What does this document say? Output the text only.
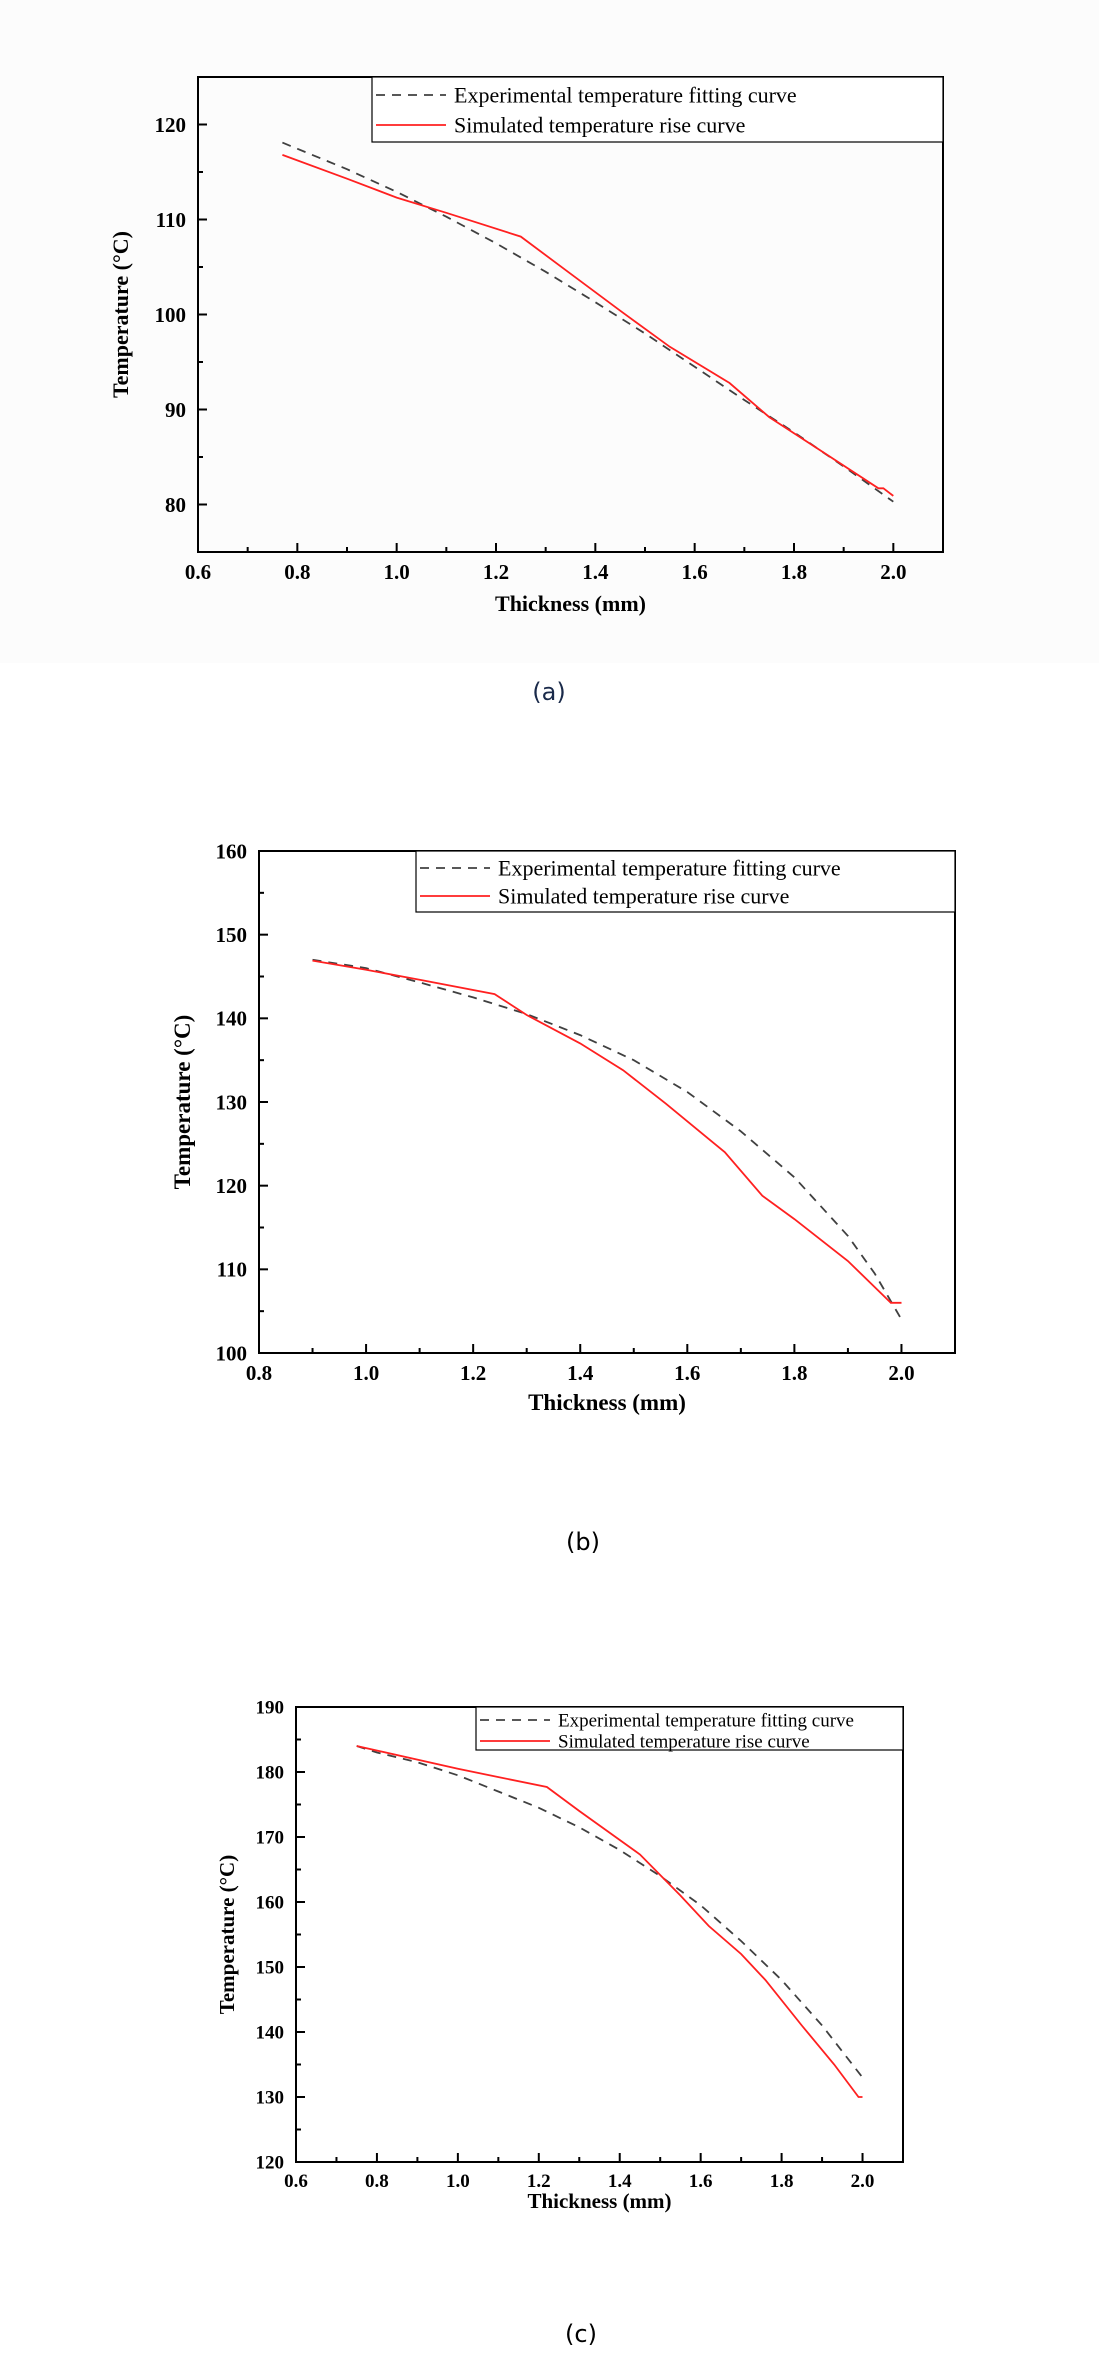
0.6	0.8	1.0	1.2	1.4	1.6	1.8	2.0
80
90
100
110
120
Thickness (mm)
Temperature (°C)
Experimental temperature fitting curve
Simulated temperature rise curve
0.8	1.0	1.2	1.4	1.6	1.8	2.0
100
110
120
130
140
150
160
Thickness (mm)
Temperature (°C)
Experimental temperature fitting curve
Simulated temperature rise curve
0.6	0.8	1.0	1.2	1.4	1.6	1.8	2.0
120
130
140
150
160
170
180
190
Thickness (mm)
Temperature (°C)
Experimental temperature fitting curve
Simulated temperature rise curve
(a)
(b)
(c)
